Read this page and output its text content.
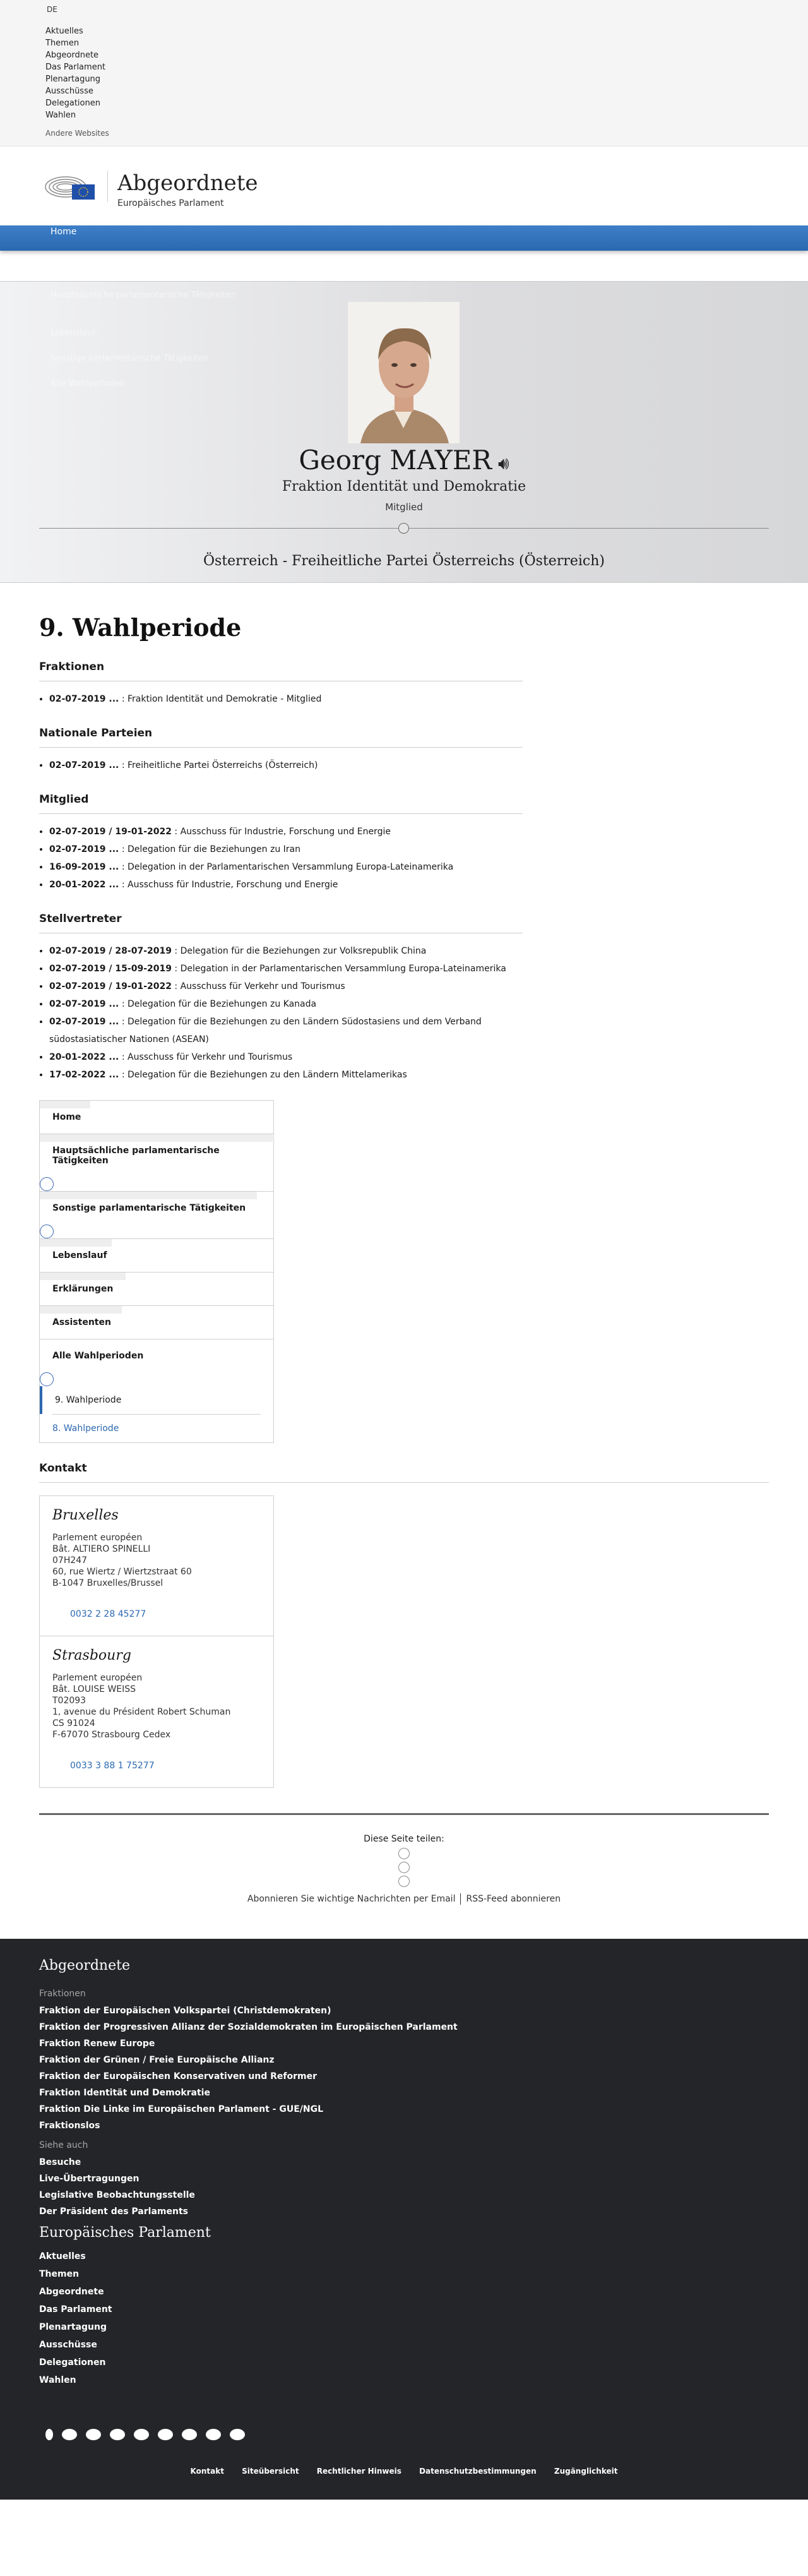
DE
Aktuelles
Themen
Abgeordnete
Das Parlament
Plenartagung
Ausschüsse
Delegationen
Wahlen
Andere Websites
Abgeordnete
Europäisches Parlament
Home
Hauptsächliche parlamentarische Tätigkeiten
Lebenslauf
Sonstige parlamentarische Tätigkeiten
Alle Wahlperioden
Georg MAYER 🔊︎
Fraktion Identität und Demokratie
Mitglied
Österreich - Freiheitliche Partei Österreichs (Österreich)
9. Wahlperiode
Fraktionen
• 02-07-2019 ... : Fraktion Identität und Demokratie - Mitglied
Nationale Parteien
• 02-07-2019 ... : Freiheitliche Partei Österreichs (Österreich)
Mitglied
• 02-07-2019 / 19-01-2022 : Ausschuss für Industrie, Forschung und Energie
• 02-07-2019 ... : Delegation für die Beziehungen zu Iran
• 16-09-2019 ... : Delegation in der Parlamentarischen Versammlung Europa-Lateinamerika
• 20-01-2022 ... : Ausschuss für Industrie, Forschung und Energie
Stellvertreter
• 02-07-2019 / 28-07-2019 : Delegation für die Beziehungen zur Volksrepublik China
• 02-07-2019 / 15-09-2019 : Delegation in der Parlamentarischen Versammlung Europa-Lateinamerika
• 02-07-2019 / 19-01-2022 : Ausschuss für Verkehr und Tourismus
• 02-07-2019 ... : Delegation für die Beziehungen zu Kanada
• 02-07-2019 ... : Delegation für die Beziehungen zu den Ländern Südostasiens und dem Verband südostasiatischer Nationen (ASEAN)
• 20-01-2022 ... : Ausschuss für Verkehr und Tourismus
• 17-02-2022 ... : Delegation für die Beziehungen zu den Ländern Mittelamerikas
Home
Hauptsächliche parlamentarische Tätigkeiten
Sonstige parlamentarische Tätigkeiten
Lebenslauf
Erklärungen
Assistenten
Alle Wahlperioden
9. Wahlperiode
8. Wahlperiode
Kontakt
Bruxelles
Parlement européen
Bât. ALTIERO SPINELLI
07H247
60, rue Wiertz / Wiertzstraat 60
B-1047 Bruxelles/Brussel
0032 2 28 45277
Strasbourg
Parlement européen
Bât. LOUISE WEISS
T02093
1, avenue du Président Robert Schuman
CS 91024
F-67070 Strasbourg Cedex
0033 3 88 1 75277
Diese Seite teilen:
Abonnieren Sie wichtige Nachrichten per Email RSS-Feed abonnieren
Abgeordnete
Fraktionen
Fraktion der Europäischen Volkspartei (Christdemokraten)
Fraktion der Progressiven Allianz der Sozialdemokraten im Europäischen Parlament
Fraktion Renew Europe
Fraktion der Grünen / Freie Europäische Allianz
Fraktion der Europäischen Konservativen und Reformer
Fraktion Identität und Demokratie
Fraktion Die Linke im Europäischen Parlament - GUE/NGL
Fraktionslos
Siehe auch
Besuche
Live-Übertragungen
Legislative Beobachtungsstelle
Der Präsident des Parlaments
Europäisches Parlament
Aktuelles
Themen
Abgeordnete
Das Parlament
Plenartagung
Ausschüsse
Delegationen
Wahlen
Kontakt Siteübersicht Rechtlicher Hinweis Datenschutzbestimmungen Zugänglichkeit
